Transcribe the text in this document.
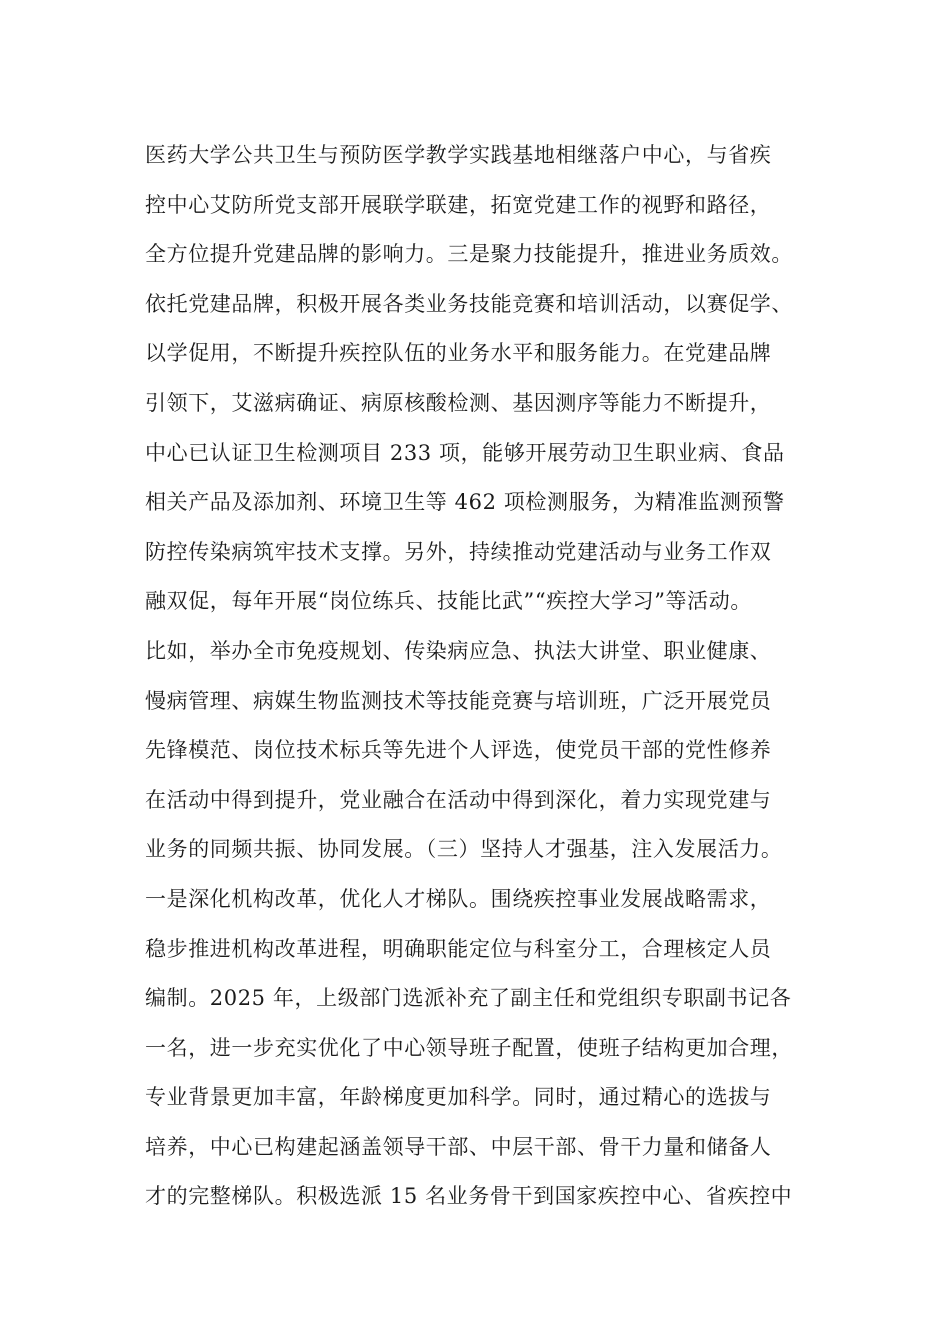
医药大学公共卫生与预防医学教学实践基地相继落户中心，与省疾
控中心艾防所党支部开展联学联建，拓宽党建工作的视野和路径，
全方位提升党建品牌的影响力。三是聚力技能提升，推进业务质效。
依托党建品牌，积极开展各类业务技能竞赛和培训活动，以赛促学、
以学促用，不断提升疾控队伍的业务水平和服务能力。在党建品牌
引领下，艾滋病确证、病原核酸检测、基因测序等能力不断提升，
中心已认证卫生检测项目 233 项，能够开展劳动卫生职业病、食品
相关产品及添加剂、环境卫生等 462 项检测服务，为精准监测预警
防控传染病筑牢技术支撑。另外，持续推动党建活动与业务工作双
融双促，每年开展“岗位练兵、技能比武”“疾控大学习”等活动。
比如，举办全市免疫规划、传染病应急、执法大讲堂、职业健康、
慢病管理、病媒生物监测技术等技能竞赛与培训班，广泛开展党员
先锋模范、岗位技术标兵等先进个人评选，使党员干部的党性修养
在活动中得到提升，党业融合在活动中得到深化，着力实现党建与
业务的同频共振、协同发展。（三）坚持人才强基，注入发展活力。
一是深化机构改革，优化人才梯队。围绕疾控事业发展战略需求，
稳步推进机构改革进程，明确职能定位与科室分工，合理核定人员
编制。2025 年，上级部门选派补充了副主任和党组织专职副书记各
一名，进一步充实优化了中心领导班子配置，使班子结构更加合理，
专业背景更加丰富，年龄梯度更加科学。同时，通过精心的选拔与
培养，中心已构建起涵盖领导干部、中层干部、骨干力量和储备人
才的完整梯队。积极选派 15 名业务骨干到国家疾控中心、省疾控中
